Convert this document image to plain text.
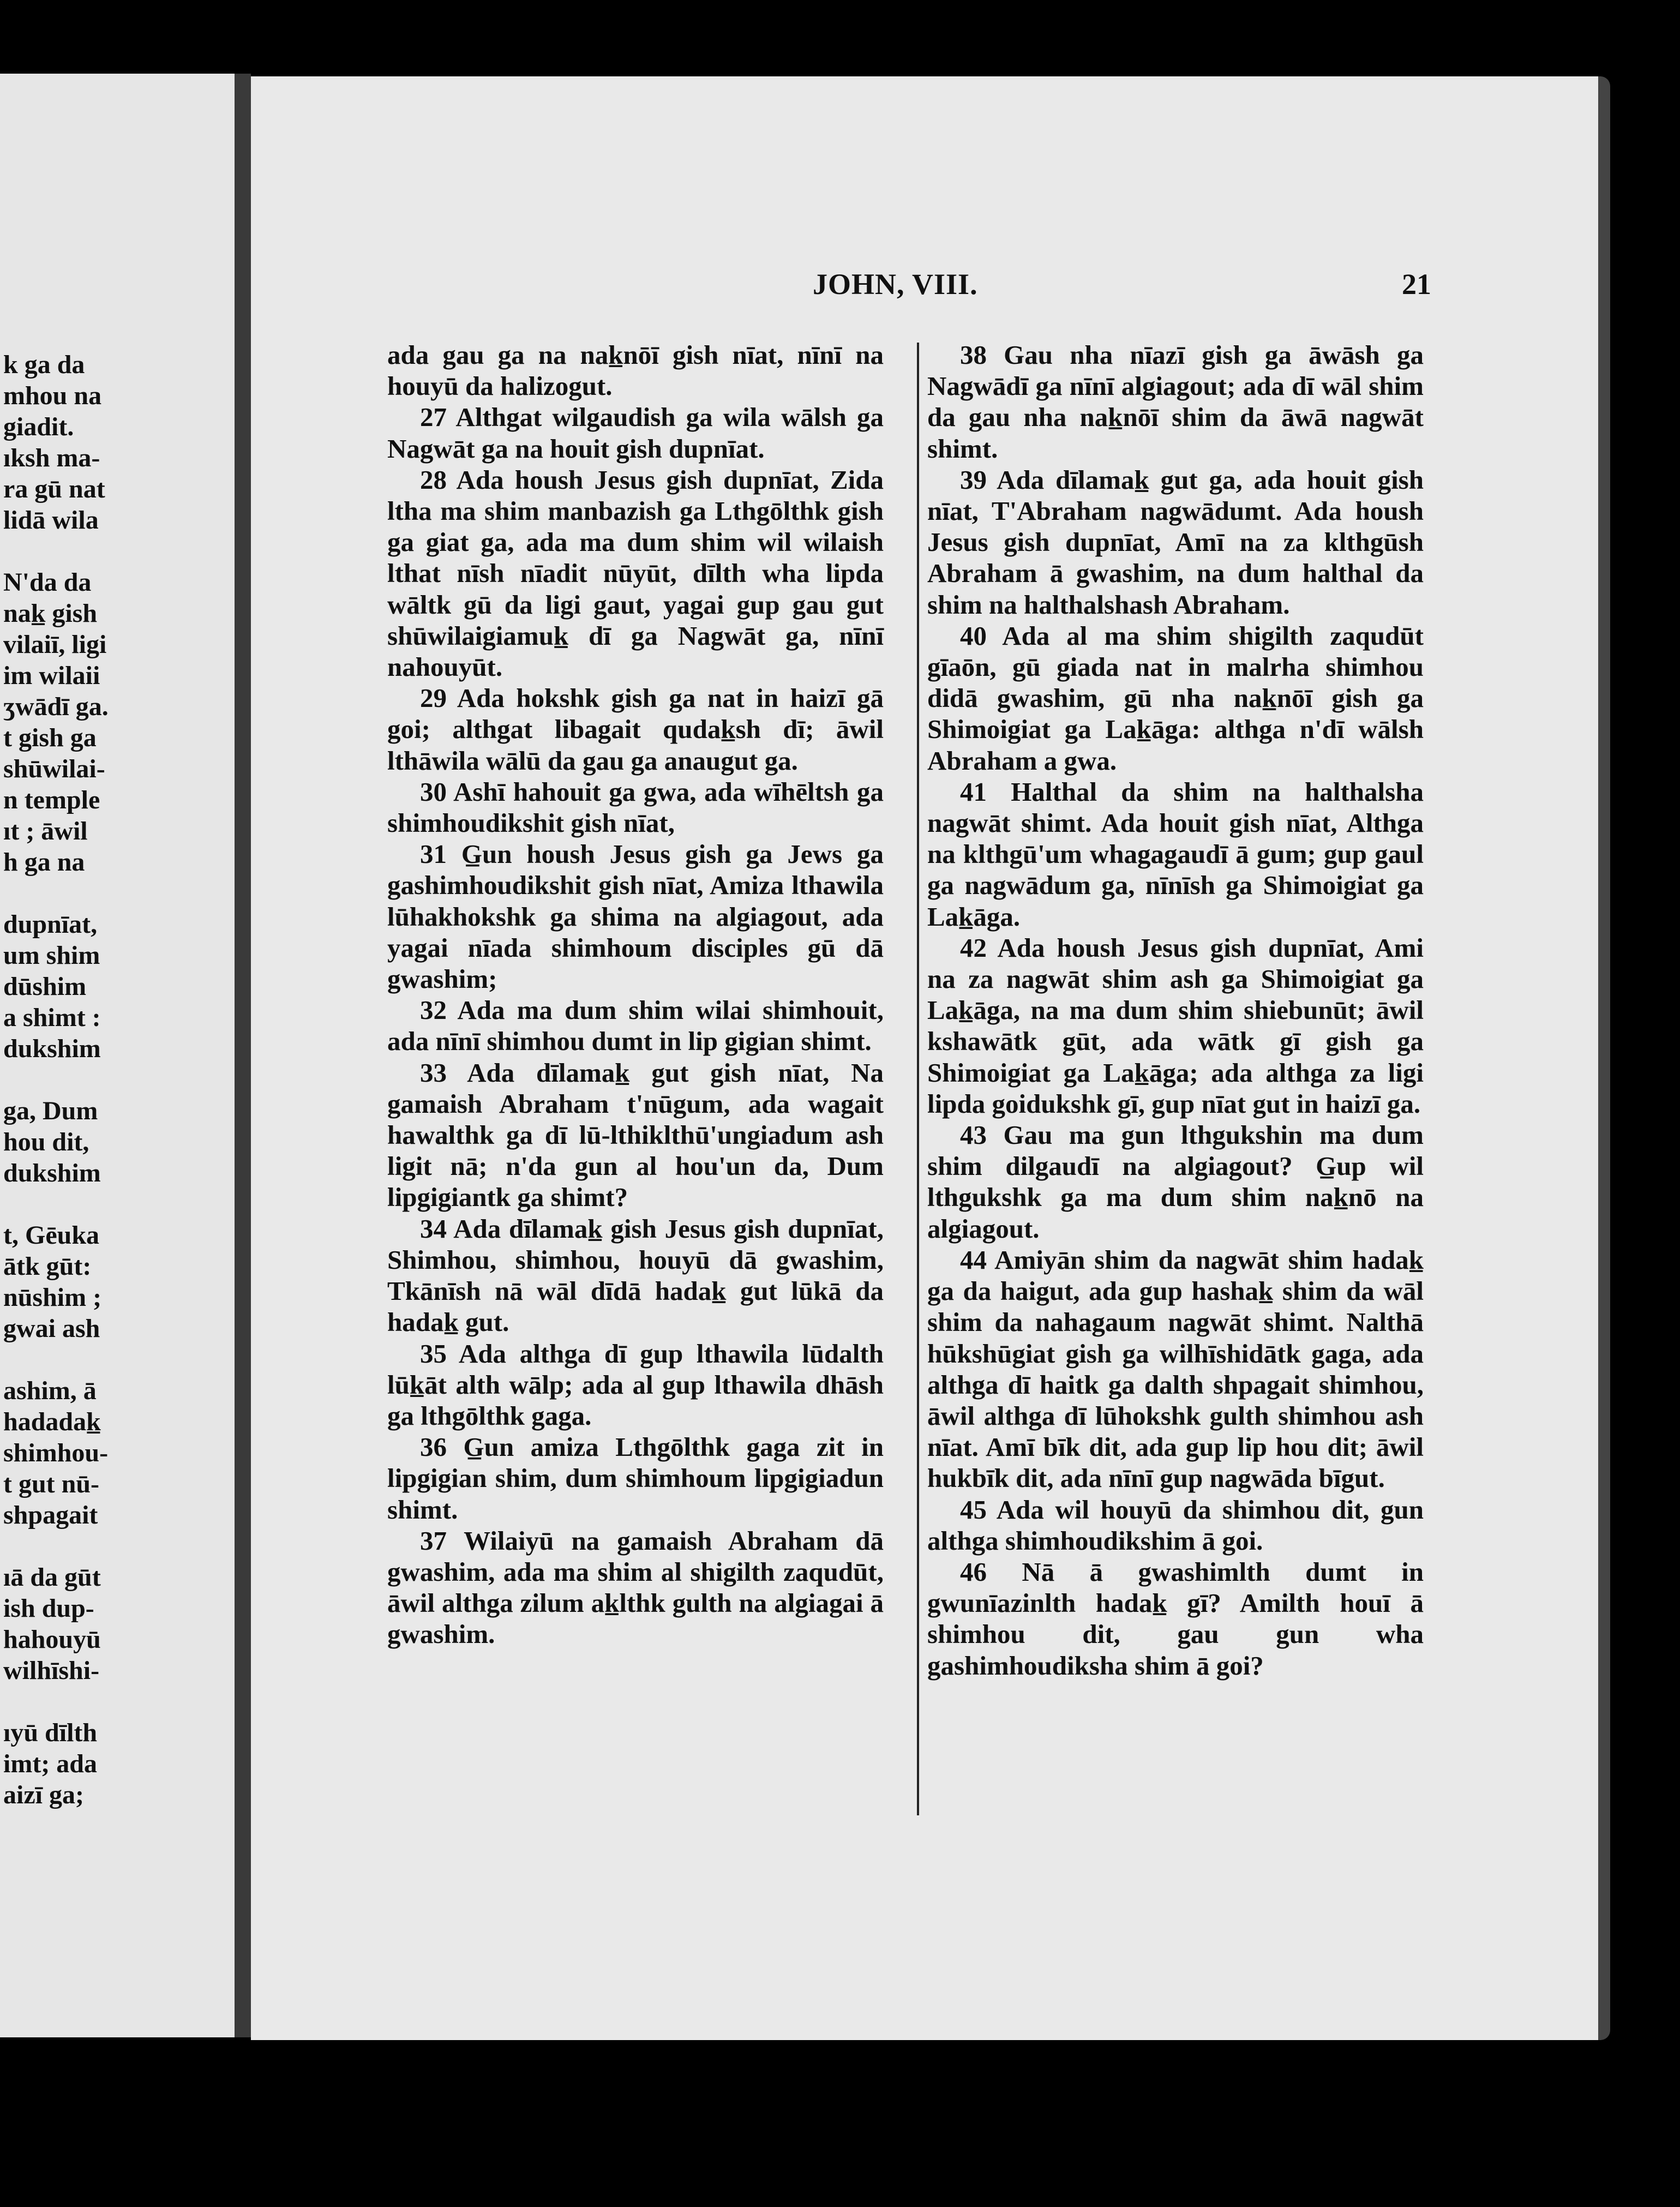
k ga da
mhou na
giadit.
ıksh ma-
ra gū nat
lidā wila
N'da da
nak̲ gish
vilaiī, ligi
im wilaii
ʒwādī ga.
t gish ga
shūwilai-
n temple
ıt ; āwil
h ga na
dupnīat,
um shim
dūshim
a shimt :
dukshim
ga, Dum
hou dit,
dukshim
t, Gēuka
ātk gūt:
nūshim ;
gwai ash
ashim, ā
hadadak̲
shimhou-
t gut nū-
shpagait
ıā da gūt
ish dup-
hahouyū
wilhīshi-
ıyū dīlth
imt; ada
aizī ga;
JOHN, VIII.	21

ada gau ga na nak̲nōī gish nīat, nīnī na houyū da halizogut.

27 Althgat wilgaudish ga wila wālsh ga Nagwāt ga na houit gish dupnīat.

28 Ada housh Jesus gish dupnīat, Zida ltha ma shim manbazish ga Lthgōlthk gish ga giat ga, ada ma dum shim wil wilaish lthat nīsh nīadit nūyūt, dīlth wha lipda wāltk gū da ligi gaut, yagai gup gau gut shūwilaigiamuk̲ dī ga Nagwāt ga, nīnī nahouyūt.

29 Ada hokshk gish ga nat in haizī gā goi; althgat libagait qudak̲sh dī; āwil lthāwila wālū da gau ga anaugut ga.

30 Ashī hahouit ga gwa, ada wīhēltsh ga shimhoudikshit gish nīat,

31 G̲un housh Jesus gish ga Jews ga gashimhoudikshit gish nīat, Amiza lthawila lūhakhokshk ga shima na algiagout, ada yagai nīada shimhoum disciples gū dā gwashim;

32 Ada ma dum shim wilai shimhouit, ada nīnī shimhou dumt in lip gigian shimt.

33 Ada dīlamak̲ gut gish nīat, Na gamaish Abraham t'nūgum, ada wagait hawalthk ga dī lū-lthiklthū'ungiadum ash ligit nā; n'da gun al hou'un da, Dum lipgigiantk ga shimt?

34 Ada dīlamak̲ gish Jesus gish dupnīat, Shimhou, shimhou, houyū dā gwashim, Tkānīsh nā wāl dīdā hadak̲ gut lūkā da hadak̲ gut.

35 Ada althga dī gup lthawila lūdalth lūk̲āt alth wālp; ada al gup lthawila dhāsh ga lthgōlthk gaga.

36 G̲un amiza Lthgōlthk gaga zit in lipgigian shim, dum shimhoum lipgigiadun shimt.

37 Wilaiyū na gamaish Abraham dā gwashim, ada ma shim al shigilth zaqudūt, āwil althga zilum ak̲lthk gulth na algiagai ā gwashim.

38 Gau nha nīazī gish ga āwāsh ga Nagwādī ga nīnī algiagout; ada dī wāl shim da gau nha nak̲nōī shim da āwā nagwāt shimt.

39 Ada dīlamak̲ gut ga, ada houit gish nīat, T'Abraham nagwādumt. Ada housh Jesus gish dupnīat, Amī na za klthgūsh Abraham ā gwashim, na dum halthal da shim na halthalshash Abraham.

40 Ada al ma shim shigilth zaqudūt gīaōn, gū giada nat in malrha shimhou didā gwashim, gū nha nak̲nōī gish ga Shimoigiat ga Lak̲āga: althga n'dī wālsh Abraham a gwa.

41 Halthal da shim na halthalsha nagwāt shimt. Ada houit gish nīat, Althga na klthgū'um whagagaudī ā gum; gup gaul ga nagwādum ga, nīnīsh ga Shimoigiat ga Lak̲āga.

42 Ada housh Jesus gish dupnīat, Ami na za nagwāt shim ash ga Shimoigiat ga Lak̲āga, na ma dum shim shiebunūt; āwil kshawātk gūt, ada wātk gī gish ga Shimoigiat ga Lak̲āga; ada althga za ligi lipda goidukshk gī, gup nīat gut in haizī ga.

43 Gau ma gun lthgukshin ma dum shim dilgaudī na algiagout? G̲up wil lthgukshk ga ma dum shim nak̲nō na algiagout.

44 Amiyān shim da nagwāt shim hadak̲ ga da haigut, ada gup hashak̲ shim da wāl shim da nahagaum nagwāt shimt. Nalthā hūkshūgiat gish ga wilhīshidātk gaga, ada althga dī haitk ga dalth shpagait shimhou, āwil althga dī lūhokshk gulth shimhou ash nīat. Amī bīk dit, ada gup lip hou dit; āwil hukbīk dit, ada nīnī gup nagwāda bīgut.

45 Ada wil houyū da shimhou dit, gun althga shimhoudikshim ā goi.

46 Nā ā gwashimlth dumt in gwunīazinlth hadak̲ gī? Amilth houī ā shimhou dit, gau gun wha gashimhoudiksha shim ā goi?
